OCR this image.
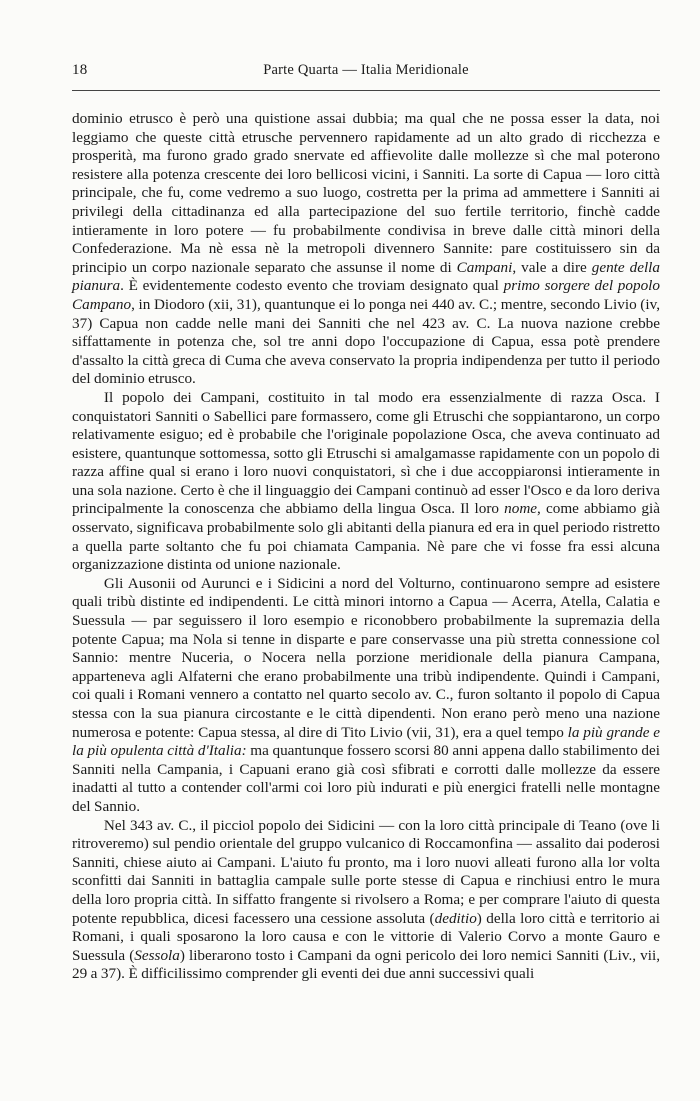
18	Parte Quarta — Italia Meridionale

dominio etrusco è però una quistione assai dubbia; ma qual che ne possa esser la data, noi leggiamo che queste città etrusche pervennero rapidamente ad un alto grado di ricchezza e prosperità, ma furono grado grado snervate ed affievolite dalle mollezze sì che mal poterono resistere alla potenza crescente dei loro bellicosi vicini, i Sanniti. La sorte di Capua — loro città principale, che fu, come vedremo a suo luogo, costretta per la prima ad ammettere i Sanniti ai privilegi della cittadinanza ed alla partecipazione del suo fertile territorio, finchè cadde intieramente in loro potere — fu probabilmente condivisa in breve dalle città minori della Confederazione. Ma nè essa nè la metropoli divennero Sannite: pare costituissero sin da principio un corpo nazionale separato che assunse il nome di Campani, vale a dire gente della pianura. È evidentemente codesto evento che troviam designato qual primo sorgere del popolo Campano, in Diodoro (xii, 31), quantunque ei lo ponga nei 440 av. C.; mentre, secondo Livio (iv, 37) Capua non cadde nelle mani dei Sanniti che nel 423 av. C. La nuova nazione crebbe siffattamente in potenza che, sol tre anni dopo l'occupazione di Capua, essa potè prendere d'assalto la città greca di Cuma che aveva conservato la propria indipendenza per tutto il periodo del dominio etrusco.

Il popolo dei Campani, costituito in tal modo era essenzialmente di razza Osca. I conquistatori Sanniti o Sabellici pare formassero, come gli Etruschi che soppiantarono, un corpo relativamente esiguo; ed è probabile che l'originale popolazione Osca, che aveva continuato ad esistere, quantunque sottomessa, sotto gli Etruschi si amalgamasse rapidamente con un popolo di razza affine qual si erano i loro nuovi conquistatori, sì che i due accoppiaronsi intieramente in una sola nazione. Certo è che il linguaggio dei Campani continuò ad esser l'Osco e da loro deriva principalmente la conoscenza che abbiamo della lingua Osca. Il loro nome, come abbiamo già osservato, significava probabilmente solo gli abitanti della pianura ed era in quel periodo ristretto a quella parte soltanto che fu poi chiamata Campania. Nè pare che vi fosse fra essi alcuna organizzazione distinta od unione nazionale.

Gli Ausonii od Aurunci e i Sidicini a nord del Volturno, continuarono sempre ad esistere quali tribù distinte ed indipendenti. Le città minori intorno a Capua — Acerra, Atella, Calatia e Suessula — par seguissero il loro esempio e riconobbero probabilmente la supremazia della potente Capua; ma Nola si tenne in disparte e pare conservasse una più stretta connessione col Sannio: mentre Nuceria, o Nocera nella porzione meridionale della pianura Campana, apparteneva agli Alfaterni che erano probabilmente una tribù indipendente. Quindi i Campani, coi quali i Romani vennero a contatto nel quarto secolo av. C., furon soltanto il popolo di Capua stessa con la sua pianura circostante e le città dipendenti. Non erano però meno una nazione numerosa e potente: Capua stessa, al dire di Tito Livio (vii, 31), era a quel tempo la più grande e la più opulenta città d'Italia: ma quantunque fossero scorsi 80 anni appena dallo stabilimento dei Sanniti nella Campania, i Capuani erano già così sfibrati e corrotti dalle mollezze da essere inadatti al tutto a contender coll'armi coi loro più indurati e più energici fratelli nelle montagne del Sannio.

Nel 343 av. C., il picciol popolo dei Sidicini — con la loro città principale di Teano (ove li ritroveremo) sul pendio orientale del gruppo vulcanico di Roccamonfina — assalito dai poderosi Sanniti, chiese aiuto ai Campani. L'aiuto fu pronto, ma i loro nuovi alleati furono alla lor volta sconfitti dai Sanniti in battaglia campale sulle porte stesse di Capua e rinchiusi entro le mura della loro propria città. In siffatto frangente si rivolsero a Roma; e per comprare l'aiuto di questa potente repubblica, dicesi facessero una cessione assoluta (deditio) della loro città e territorio ai Romani, i quali sposarono la loro causa e con le vittorie di Valerio Corvo a monte Gauro e Suessula (Sessola) liberarono tosto i Campani da ogni pericolo dei loro nemici Sanniti (Liv., vii, 29 a 37). È difficilissimo comprender gli eventi dei due anni successivi quali
